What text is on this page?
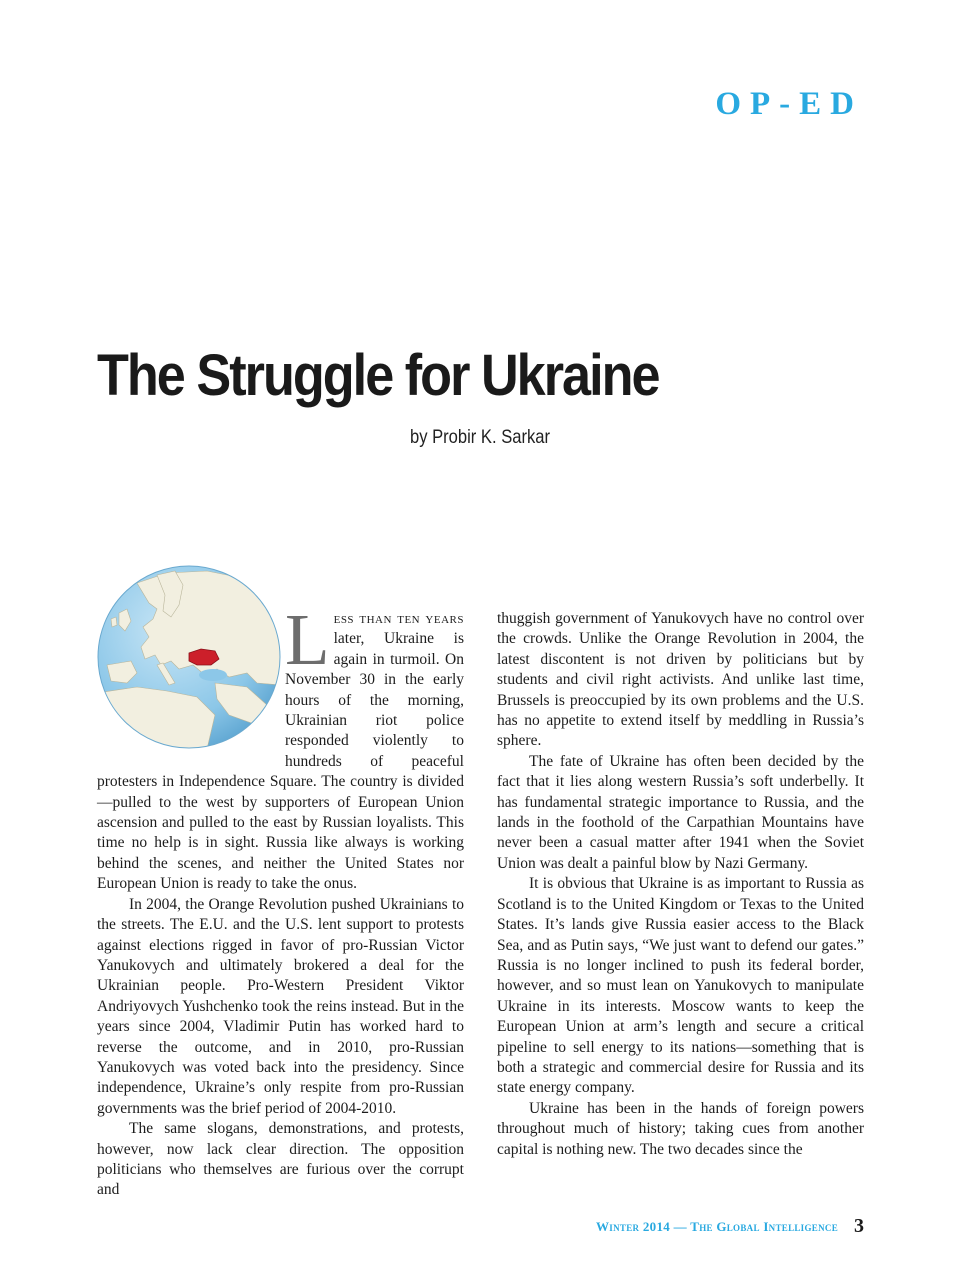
OP-ED
The Struggle for Ukraine
by Probir K. Sarkar

Less than ten years later, Ukraine is again in turmoil. On November 30 in the early hours of the morning, Ukrainian riot police responded violently to hundreds of peaceful protesters in Independence Square. The country is divided—pulled to the west by supporters of European Union ascension and pulled to the east by Russian loyalists. This time no help is in sight. Russia like always is working behind the scenes, and neither the United States nor European Union is ready to take the onus.

In 2004, the Orange Revolution pushed Ukrainians to the streets. The E.U. and the U.S. lent support to protests against elections rigged in favor of pro-Russian Victor Yanukovych and ultimately brokered a deal for the Ukrainian people. Pro-Western President Viktor Andriyovych Yushchenko took the reins instead. But in the years since 2004, Vladimir Putin has worked hard to reverse the outcome, and in 2010, pro-Russian Yanukovych was voted back into the presidency. Since independence, Ukraine’s only respite from pro-Russian governments was the brief period of 2004-2010.

The same slogans, demonstrations, and protests, however, now lack clear direction. The opposition politicians who themselves are furious over the corrupt and

thuggish government of Yanukovych have no control over the crowds. Unlike the Orange Revolution in 2004, the latest discontent is not driven by politicians but by students and civil right activists. And unlike last time, Brussels is preoccupied by its own problems and the U.S. has no appetite to extend itself by meddling in Russia’s sphere.

The fate of Ukraine has often been decided by the fact that it lies along western Russia’s soft underbelly. It has fundamental strategic importance to Russia, and the lands in the foothold of the Carpathian Mountains have never been a casual matter after 1941 when the Soviet Union was dealt a painful blow by Nazi Germany.

It is obvious that Ukraine is as important to Russia as Scotland is to the United Kingdom or Texas to the United States. It’s lands give Russia easier access to the Black Sea, and as Putin says, “We just want to defend our gates.” Russia is no longer inclined to push its federal border, however, and so must lean on Yanukovych to manipulate Ukraine in its interests. Moscow wants to keep the European Union at arm’s length and secure a critical pipeline to sell energy to its nations—something that is both a strategic and commercial desire for Russia and its state energy company.

Ukraine has been in the hands of foreign powers throughout much of history; taking cues from another capital is nothing new. The two decades since the

Winter 2014 — The Global Intelligence 3
